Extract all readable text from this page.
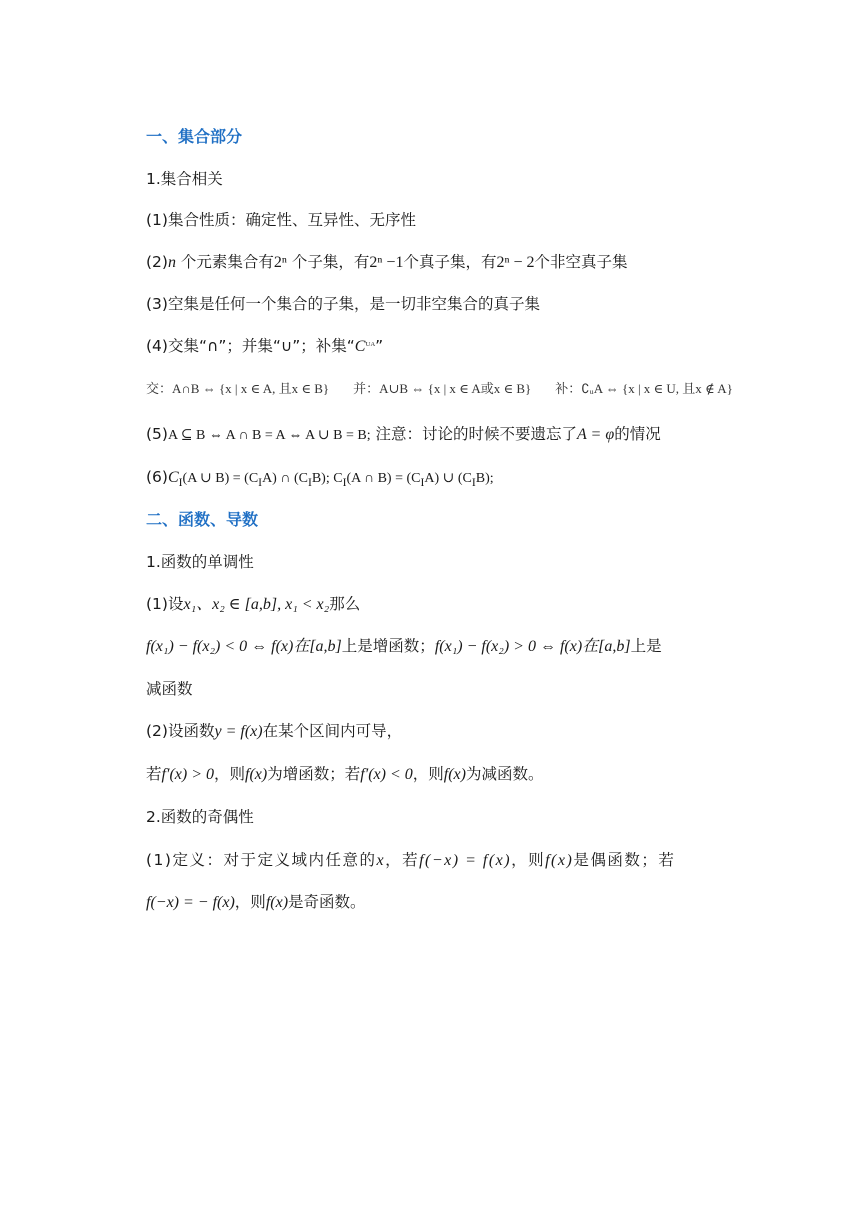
一、集合部分
1.集合相关
(1)集合性质：确定性、互异性、无序性
(2)n 个元素集合有2ⁿ 个子集，有2ⁿ −1个真子集，有2ⁿ − 2个非空真子集
(3)空集是任何一个集合的子集，是一切非空集合的真子集
(4)交集“∩”；并集“∪”；补集“Cᵁᴬ”
交：A∩B ⇔ {x | x ∈ A, 且x ∈ B} 并：A∪B ⇔ {x | x ∈ A或x ∈ B} 补：∁ᵤA ⇔ {x | x ∈ U, 且x ∉ A}
(5)A ⊆ B ⇔ A ∩ B = A ⇔ A ∪ B = B; 注意：讨论的时候不要遗忘了A = φ的情况
$(6)C_I(A$ ∪ $B) = (C_IA)$ ∩ $(C_IB)$; $C_I(A$ ∩ $B) = (C_IA)$ ∪ $(C_IB)$;
二、函数、导数
1.函数的单调性
(1)设x₁、x₂ ∈ [a,b], x₁ < x₂那么
f(x₁) − f(x₂) < 0 ⇔ f(x)在[a,b]上是增函数；f(x₁) − f(x₂) > 0 ⇔ f(x)在[a,b]上是
减函数
(2)设函数y = f(x)在某个区间内可导，
若f′(x) > 0，则f(x)为增函数；若f′(x) < 0，则f(x)为减函数。
2.函数的奇偶性
(1)定义：对于定义域内任意的x，若f(−x) = f(x)，则f(x)是偶函数；若
f(−x) = − f(x)，则f(x)是奇函数。
